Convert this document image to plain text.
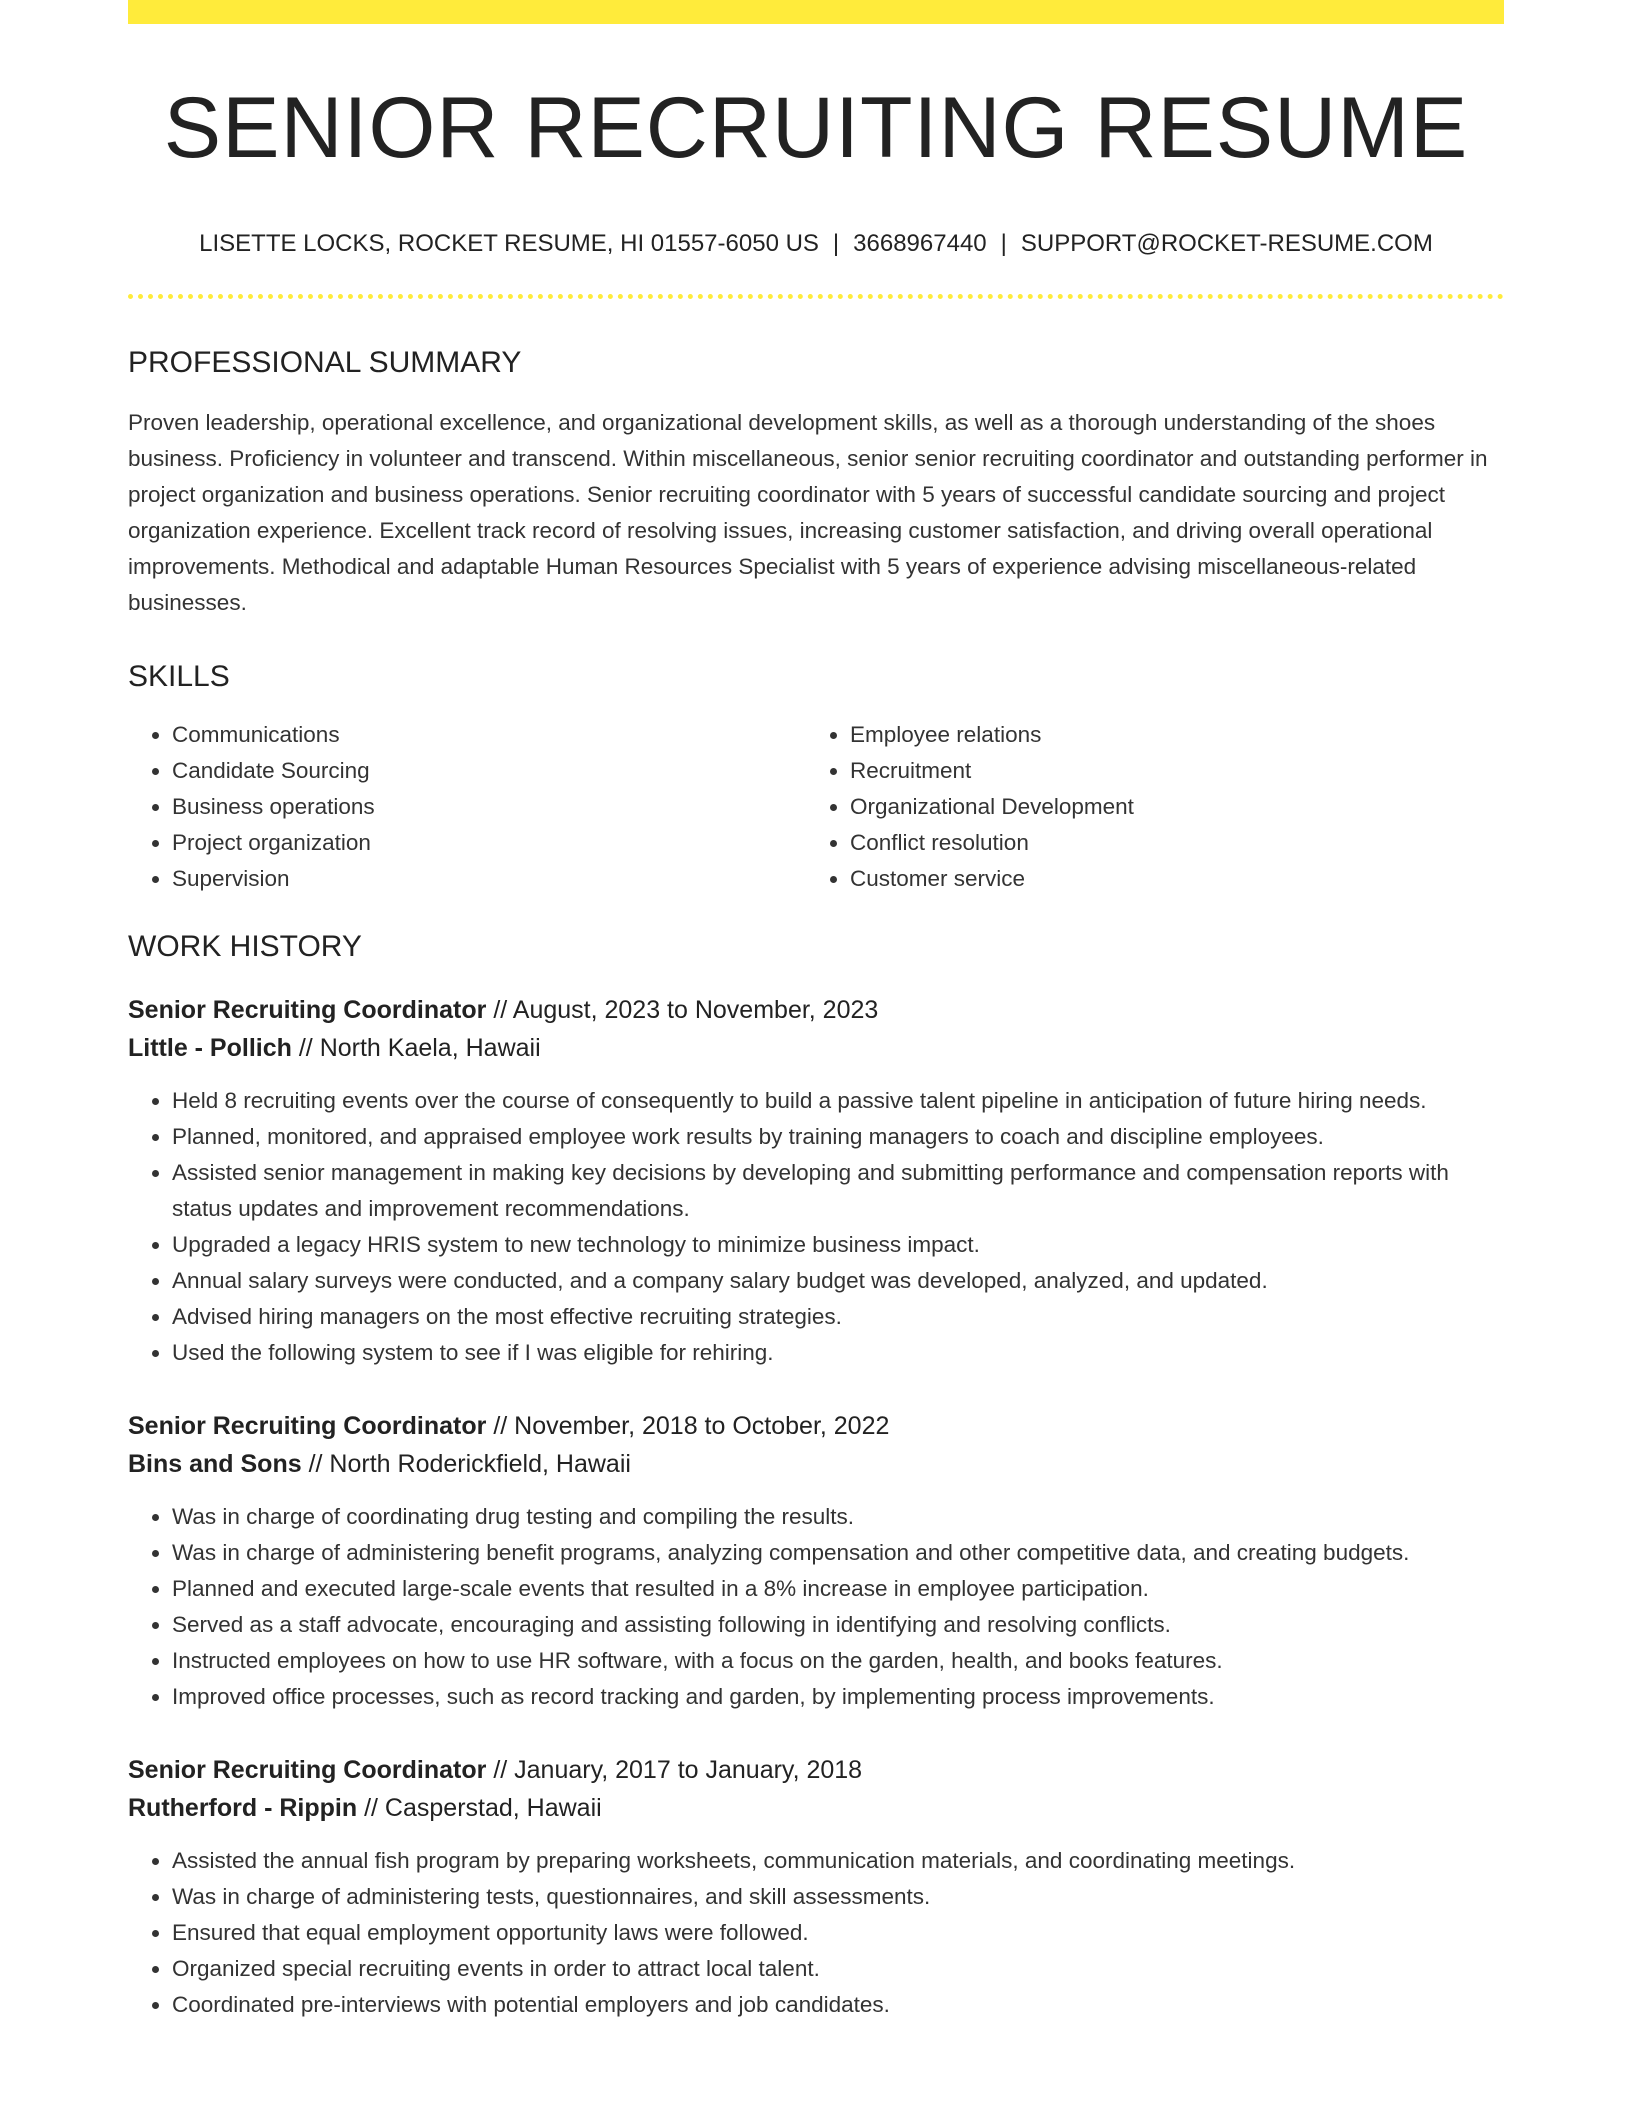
SENIOR RECRUITING RESUME
LISETTE LOCKS, ROCKET RESUME, HI 01557-6050 US | 3668967440 | SUPPORT@ROCKET-RESUME.COM
PROFESSIONAL SUMMARY

Proven leadership, operational excellence, and organizational development skills, as well as a thorough understanding of the shoes business. Proficiency in volunteer and transcend. Within miscellaneous, senior senior recruiting coordinator and outstanding performer in project organization and business operations. Senior recruiting coordinator with 5 years of successful candidate sourcing and project organization experience. Excellent track record of resolving issues, increasing customer satisfaction, and driving overall operational improvements. Methodical and adaptable Human Resources Specialist with 5 years of experience advising miscellaneous-related businesses.

SKILLS
• Communications
• Candidate Sourcing
• Business operations
• Project organization
• Supervision
• Employee relations
• Recruitment
• Organizational Development
• Conflict resolution
• Customer service
WORK HISTORY
Senior Recruiting Coordinator // August, 2023 to November, 2023
Little - Pollich // North Kaela, Hawaii
• Held 8 recruiting events over the course of consequently to build a passive talent pipeline in anticipation of future hiring needs.
• Planned, monitored, and appraised employee work results by training managers to coach and discipline employees.
• Assisted senior management in making key decisions by developing and submitting performance and compensation reports with status updates and improvement recommendations.
• Upgraded a legacy HRIS system to new technology to minimize business impact.
• Annual salary surveys were conducted, and a company salary budget was developed, analyzed, and updated.
• Advised hiring managers on the most effective recruiting strategies.
• Used the following system to see if I was eligible for rehiring.
Senior Recruiting Coordinator // November, 2018 to October, 2022
Bins and Sons // North Roderickfield, Hawaii
• Was in charge of coordinating drug testing and compiling the results.
• Was in charge of administering benefit programs, analyzing compensation and other competitive data, and creating budgets.
• Planned and executed large-scale events that resulted in a 8% increase in employee participation.
• Served as a staff advocate, encouraging and assisting following in identifying and resolving conflicts.
• Instructed employees on how to use HR software, with a focus on the garden, health, and books features.
• Improved office processes, such as record tracking and garden, by implementing process improvements.
Senior Recruiting Coordinator // January, 2017 to January, 2018
Rutherford - Rippin // Casperstad, Hawaii
• Assisted the annual fish program by preparing worksheets, communication materials, and coordinating meetings.
• Was in charge of administering tests, questionnaires, and skill assessments.
• Ensured that equal employment opportunity laws were followed.
• Organized special recruiting events in order to attract local talent.
• Coordinated pre-interviews with potential employers and job candidates.
